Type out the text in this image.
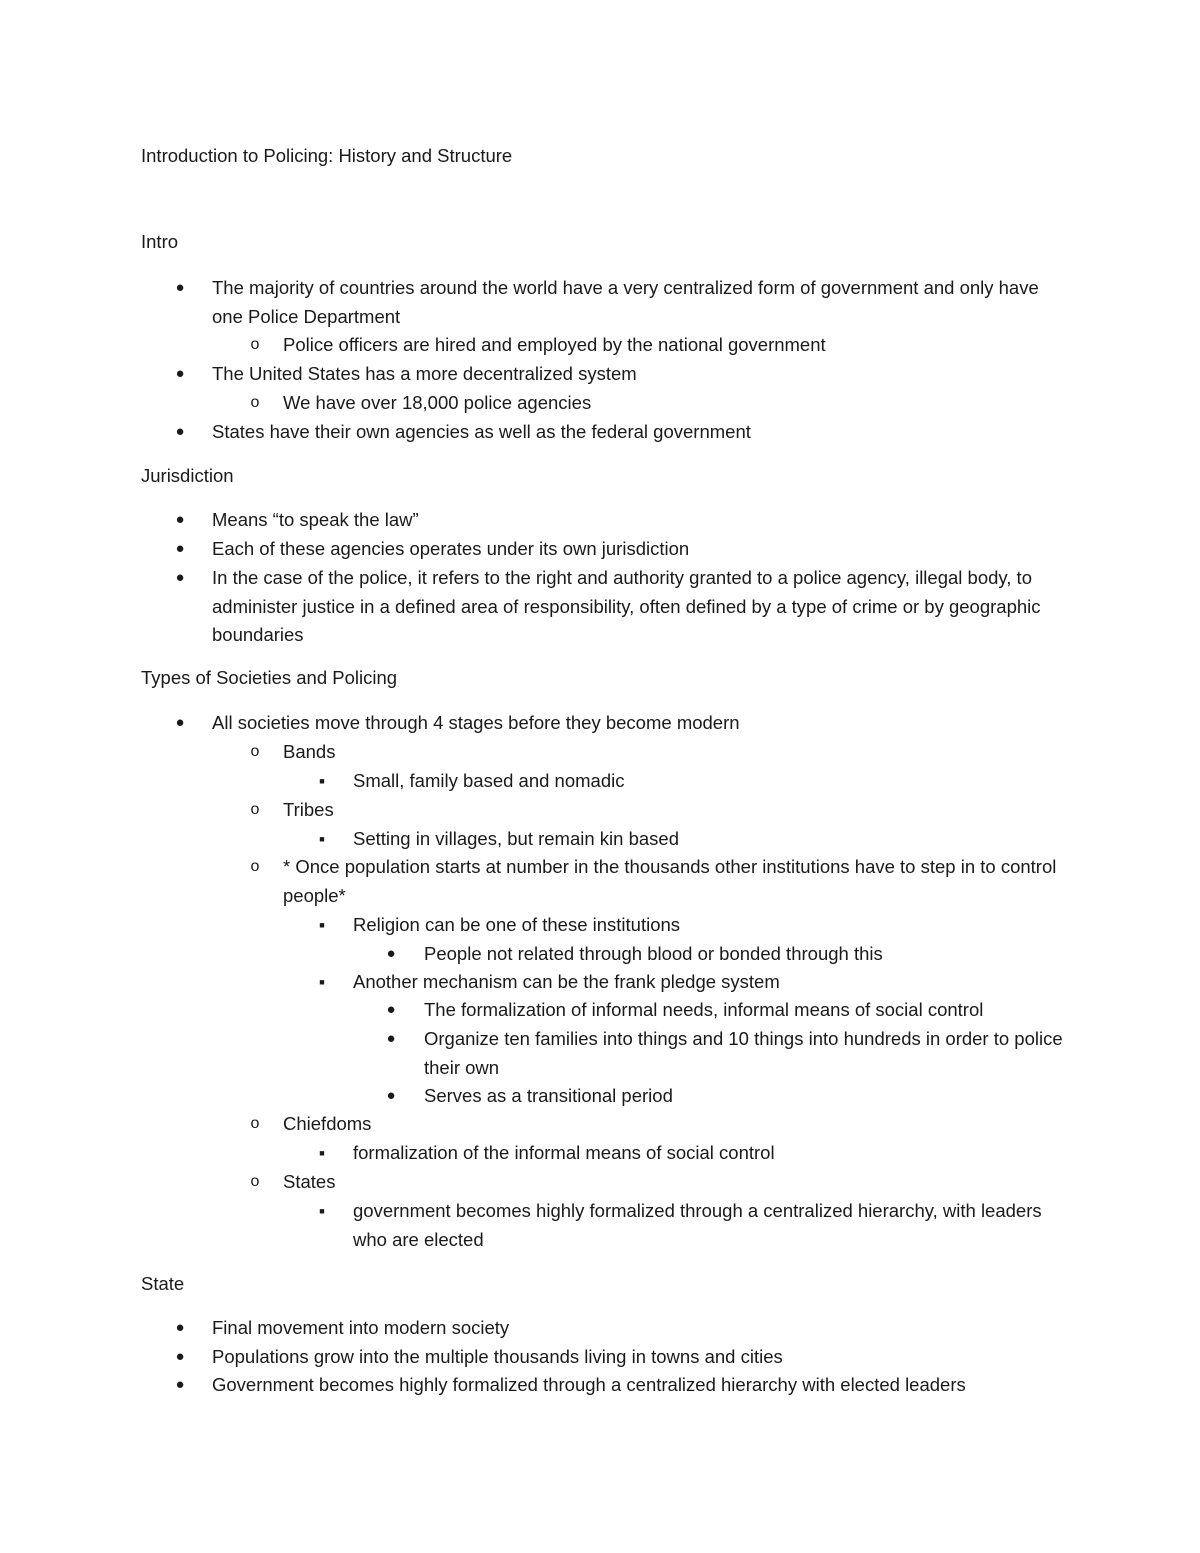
Introduction to Policing: History and Structure
Intro
● The majority of countries around the world have a very centralized form of government and only have one Police Department
o Police officers are hired and employed by the national government
● The United States has a more decentralized system
o We have over 18,000 police agencies
● States have their own agencies as well as the federal government
Jurisdiction
● Means “to speak the law”
● Each of these agencies operates under its own jurisdiction
● In the case of the police, it refers to the right and authority granted to a police agency, illegal body, to administer justice in a defined area of responsibility, often defined by a type of crime or by geographic boundaries
Types of Societies and Policing
● All societies move through 4 stages before they become modern
o Bands
■ Small, family based and nomadic
o Tribes
■ Setting in villages, but remain kin based
o * Once population starts at number in the thousands other institutions have to step in to control people*
■ Religion can be one of these institutions
● People not related through blood or bonded through this
■ Another mechanism can be the frank pledge system
● The formalization of informal needs, informal means of social control
● Organize ten families into things and 10 things into hundreds in order to police their own
● Serves as a transitional period
o Chiefdoms
■ formalization of the informal means of social control
o States
■ government becomes highly formalized through a centralized hierarchy, with leaders who are elected
State
● Final movement into modern society
● Populations grow into the multiple thousands living in towns and cities
● Government becomes highly formalized through a centralized hierarchy with elected leaders
